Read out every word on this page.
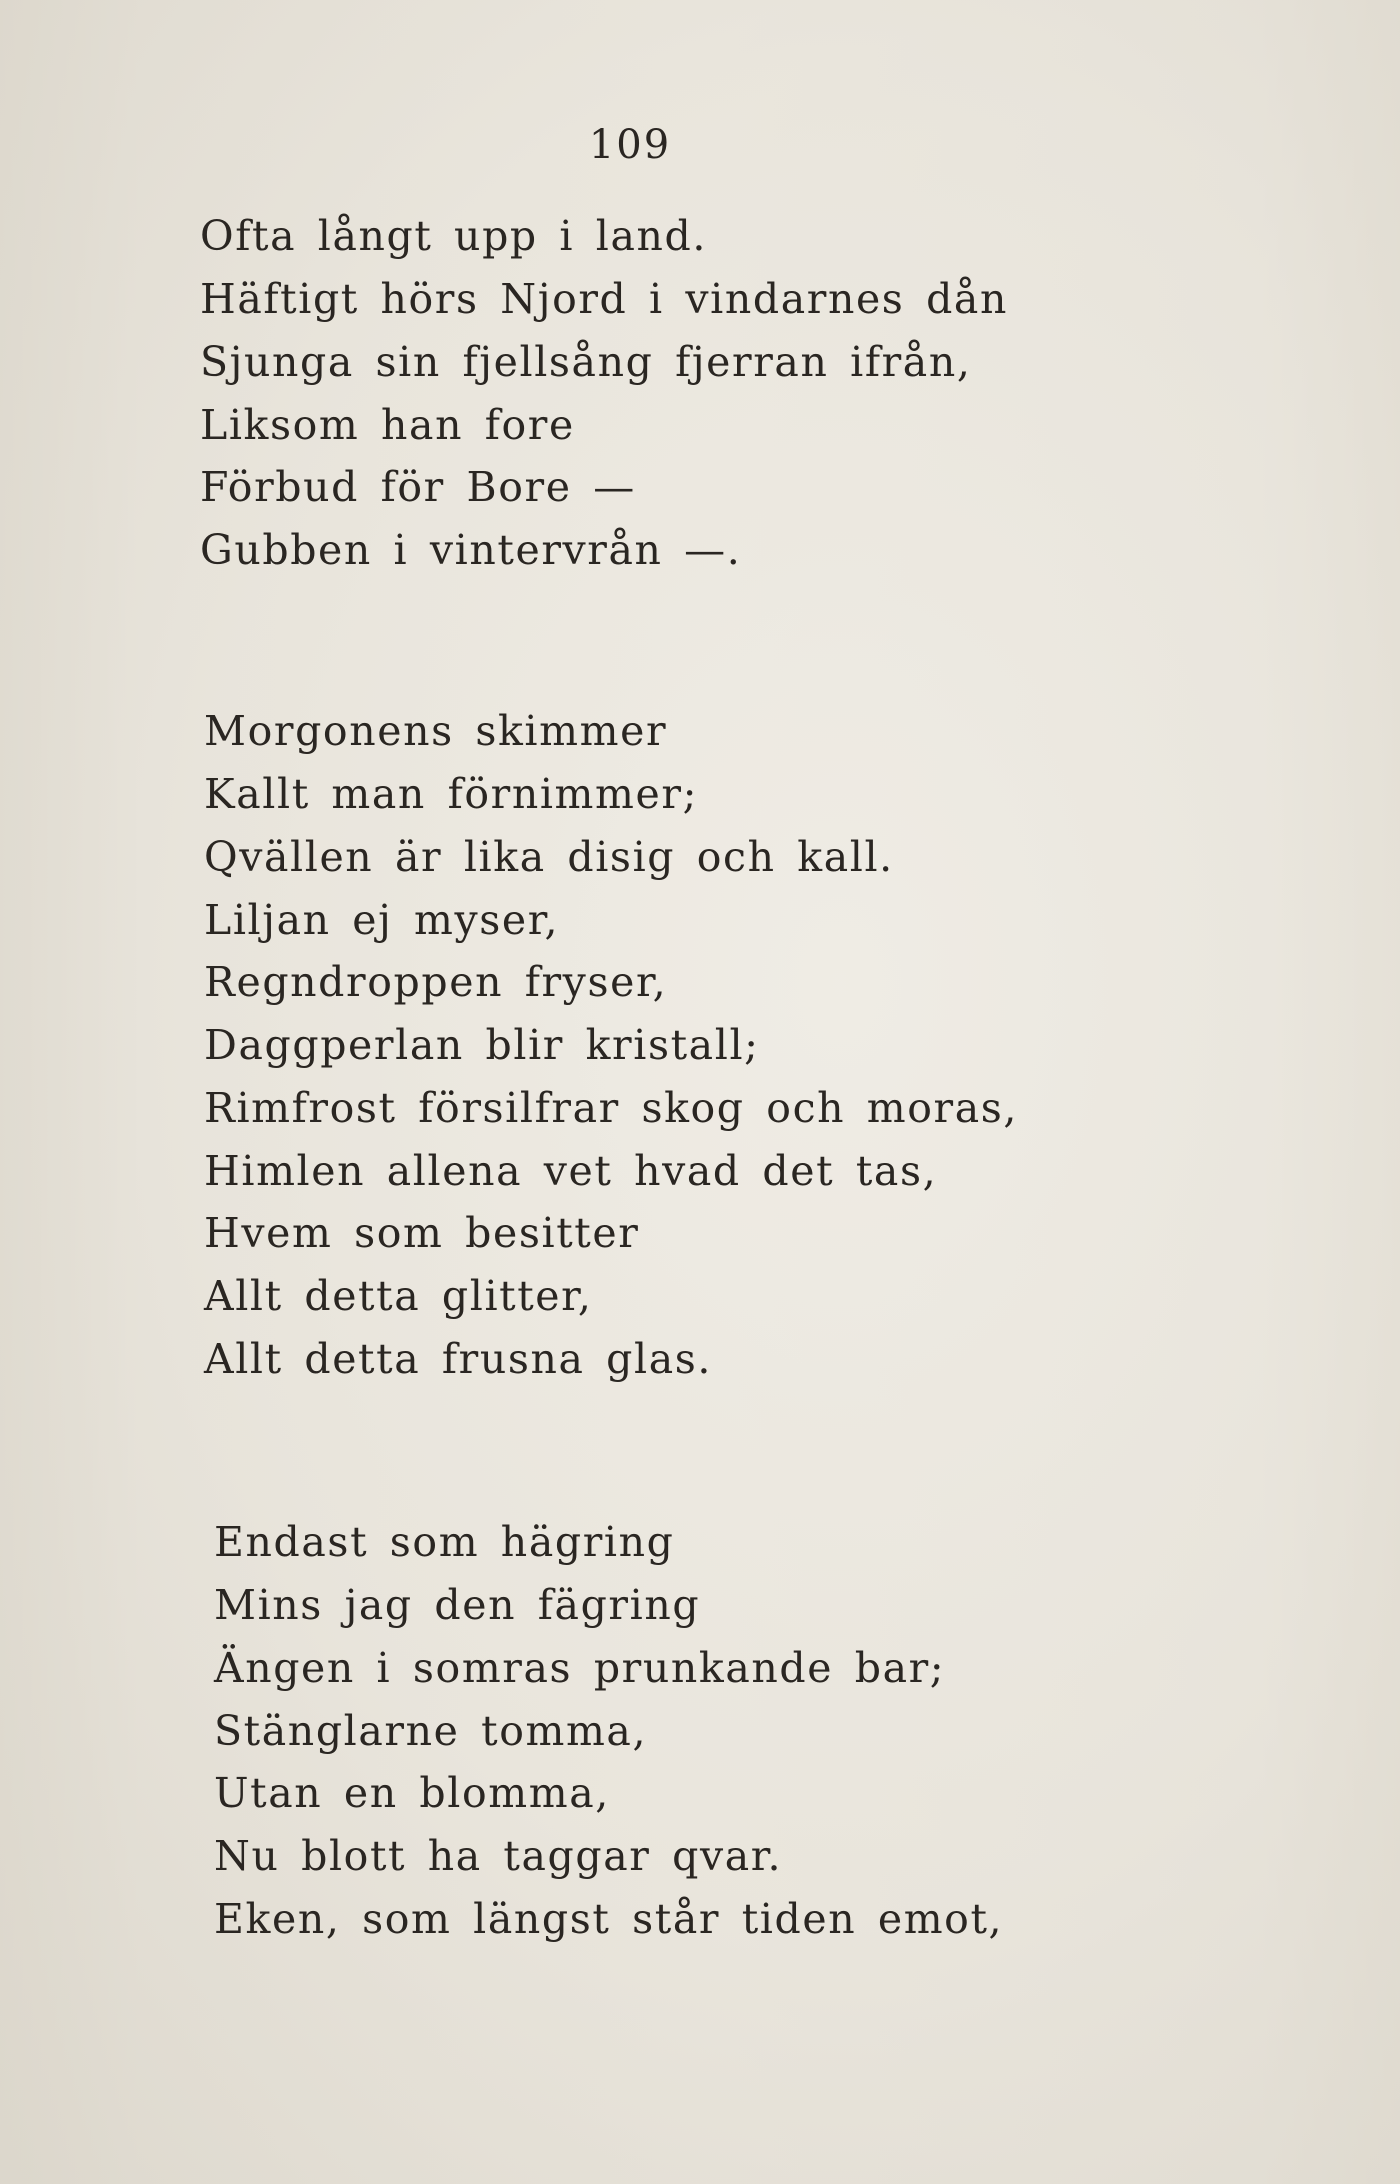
109
Ofta långt upp i land.
Häftigt hörs Njord i vindarnes dån
Sjunga sin fjellsång fjerran ifrån,
Liksom han fore
Förbud för Bore —
Gubben i vintervrån —.
Morgonens skimmer
Kallt man förnimmer;
Qvällen är lika disig och kall.
Liljan ej myser,
Regndroppen fryser,
Daggperlan blir kristall;
Rimfrost försilfrar skog och moras,
Himlen allena vet hvad det tas,
Hvem som besitter
Allt detta glitter,
Allt detta frusna glas.
Endast som hägring
Mins jag den fägring
Ängen i somras prunkande bar;
Stänglarne tomma,
Utan en blomma,
Nu blott ha taggar qvar.
Eken, som längst står tiden emot,
